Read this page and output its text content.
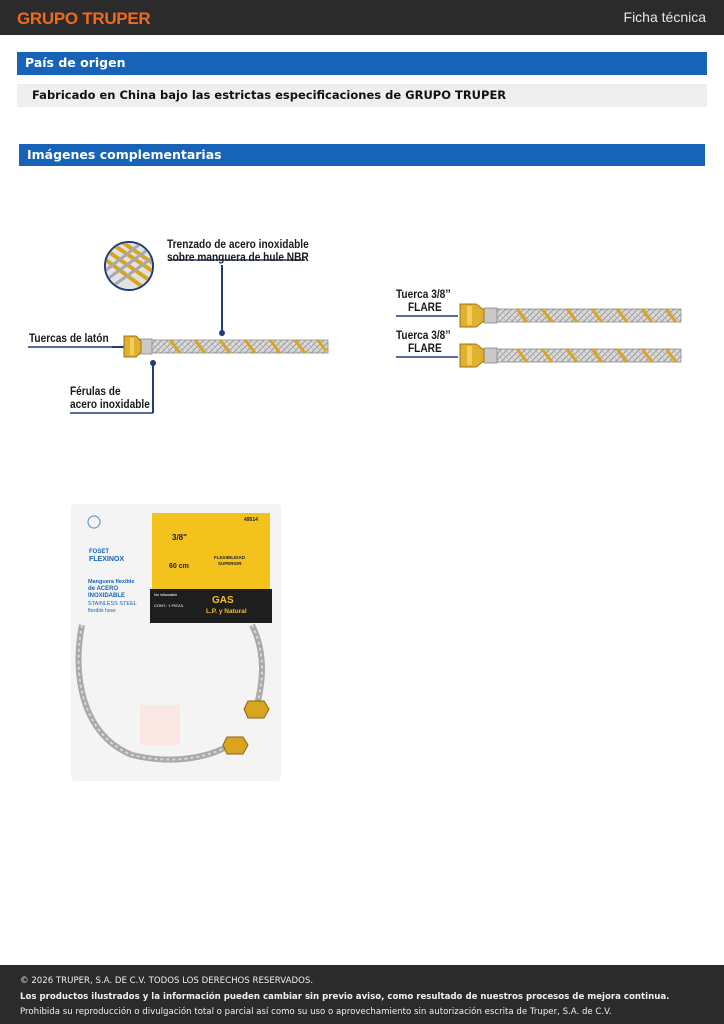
GRUPO TRUPER	Ficha técnica
País de origen
Fabricado en China bajo las estrictas especificaciones de GRUPO TRUPER
Imágenes complementarias
Trenzado de acero inoxidable
sobre manguera de hule NBR
Tuercas de latón
Férulas de
acero inoxidable
Tuerca 3/8’’
FLARE
Tuerca 3/8’’
FLARE
FOSET
FLEXINOX
49514
3/8"
60 cm
FLEXIBILIDAD
SUPERIOR
Manguera flexible
de ACERO
INOXIDABLE
STAINLESS STEEL
flexible hose
No inflamable
CONT.: 1 PIEZA	GAS
L.P. y Natural
© 2026 TRUPER, S.A. DE C.V. TODOS LOS DERECHOS RESERVADOS.
Los productos ilustrados y la información pueden cambiar sin previo aviso, como resultado de nuestros procesos de mejora continua.
Prohibida su reproducción o divulgación total o parcial así como su uso o aprovechamiento sin autorización escrita de Truper, S.A. de C.V.
